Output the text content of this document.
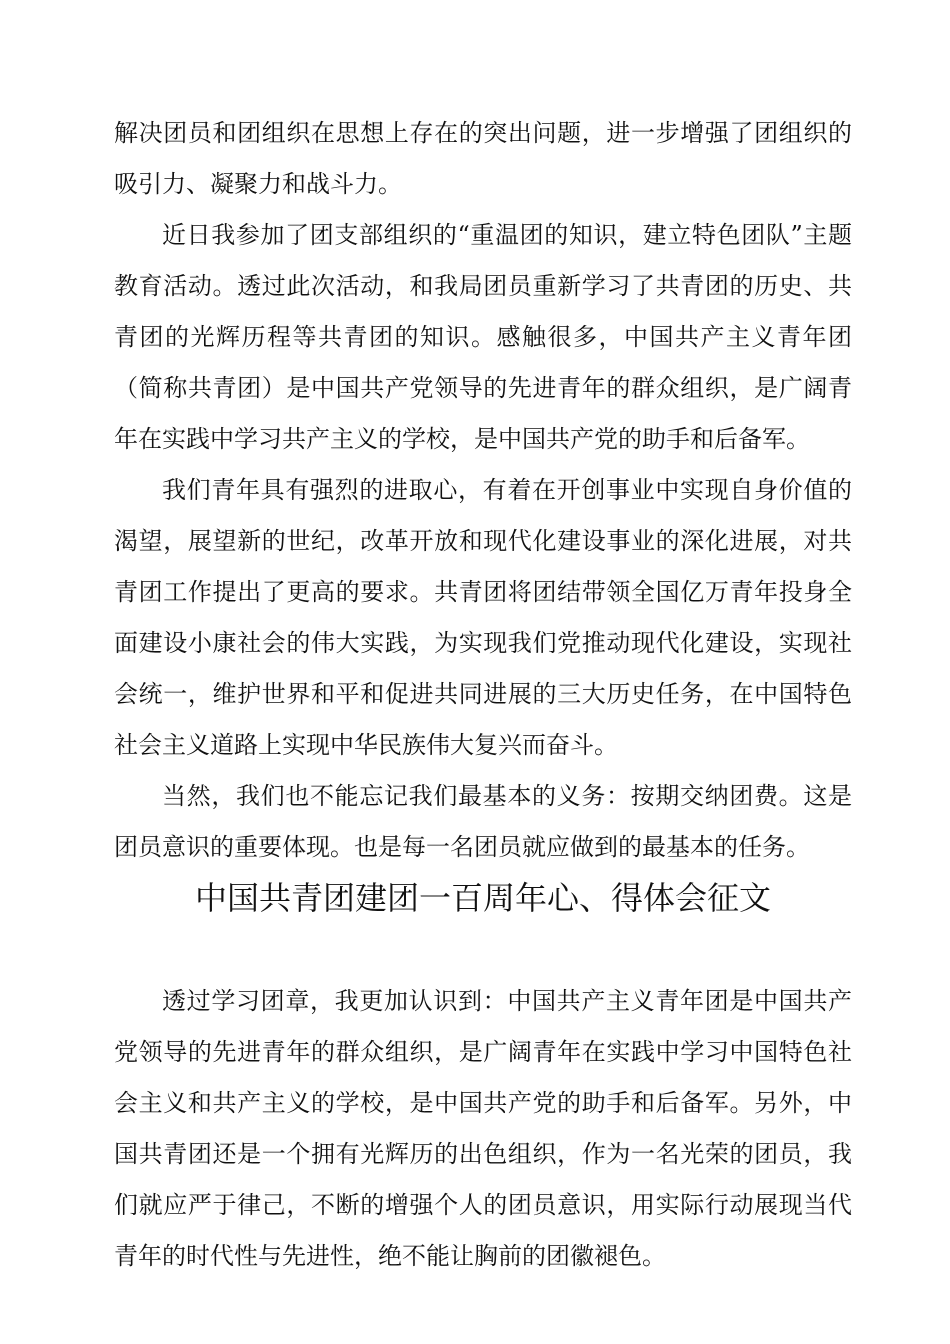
解决团员和团组织在思想上存在的突出问题，进一步增强了团组织的吸引力、凝聚力和战斗力。

近日我参加了团支部组织的“重温团的知识，建立特色团队”主题教育活动。透过此次活动，和我局团员重新学习了共青团的历史、共青团的光辉历程等共青团的知识。感触很多，中国共产主义青年团（简称共青团）是中国共产党领导的先进青年的群众组织，是广阔青年在实践中学习共产主义的学校，是中国共产党的助手和后备军。

我们青年具有强烈的进取心，有着在开创事业中实现自身价值的渴望，展望新的世纪，改革开放和现代化建设事业的深化进展，对共青团工作提出了更高的要求。共青团将团结带领全国亿万青年投身全面建设小康社会的伟大实践，为实现我们党推动现代化建设，实现社会统一，维护世界和平和促进共同进展的三大历史任务，在中国特色社会主义道路上实现中华民族伟大复兴而奋斗。

当然，我们也不能忘记我们最基本的义务：按期交纳团费。这是团员意识的重要体现。也是每一名团员就应做到的最基本的任务。

中国共青团建团一百周年心、得体会征文

透过学习团章，我更加认识到：中国共产主义青年团是中国共产党领导的先进青年的群众组织，是广阔青年在实践中学习中国特色社会主义和共产主义的学校，是中国共产党的助手和后备军。另外，中国共青团还是一个拥有光辉历的出色组织，作为一名光荣的团员，我们就应严于律己，不断的增强个人的团员意识，用实际行动展现当代青年的时代性与先进性，绝不能让胸前的团徽褪色。
